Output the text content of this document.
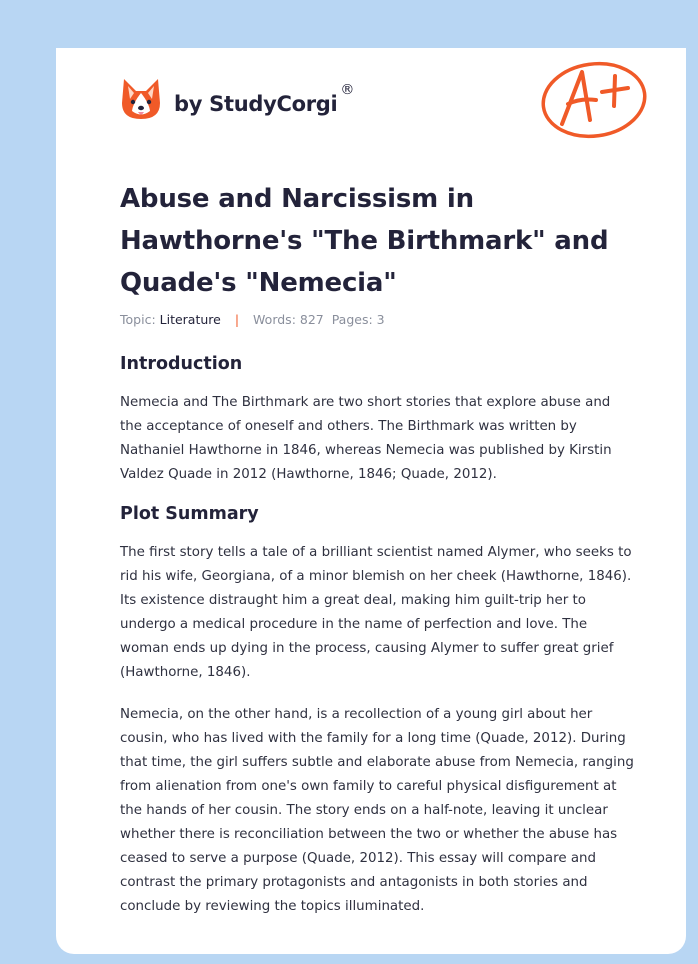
by StudyCorgi®
Abuse and Narcissism in Hawthorne's "The Birthmark" and Quade's "Nemecia"
Topic: Literature | Words: 827 Pages: 3
Introduction

Nemecia and The Birthmark are two short stories that explore abuse and the acceptance of oneself and others. The Birthmark was written by Nathaniel Hawthorne in 1846, whereas Nemecia was published by Kirstin Valdez Quade in 2012 (Hawthorne, 1846; Quade, 2012).

Plot Summary

The first story tells a tale of a brilliant scientist named Alymer, who seeks to rid his wife, Georgiana, of a minor blemish on her cheek (Hawthorne, 1846). Its existence distraught him a great deal, making him guilt-trip her to undergo a medical procedure in the name of perfection and love. The woman ends up dying in the process, causing Alymer to suffer great grief (Hawthorne, 1846).

Nemecia, on the other hand, is a recollection of a young girl about her cousin, who has lived with the family for a long time (Quade, 2012). During that time, the girl suffers subtle and elaborate abuse from Nemecia, ranging from alienation from one's own family to careful physical disfigurement at the hands of her cousin. The story ends on a half-note, leaving it unclear whether there is reconciliation between the two or whether the abuse has ceased to serve a purpose (Quade, 2012). This essay will compare and contrast the primary protagonists and antagonists in both stories and conclude by reviewing the topics illuminated.
